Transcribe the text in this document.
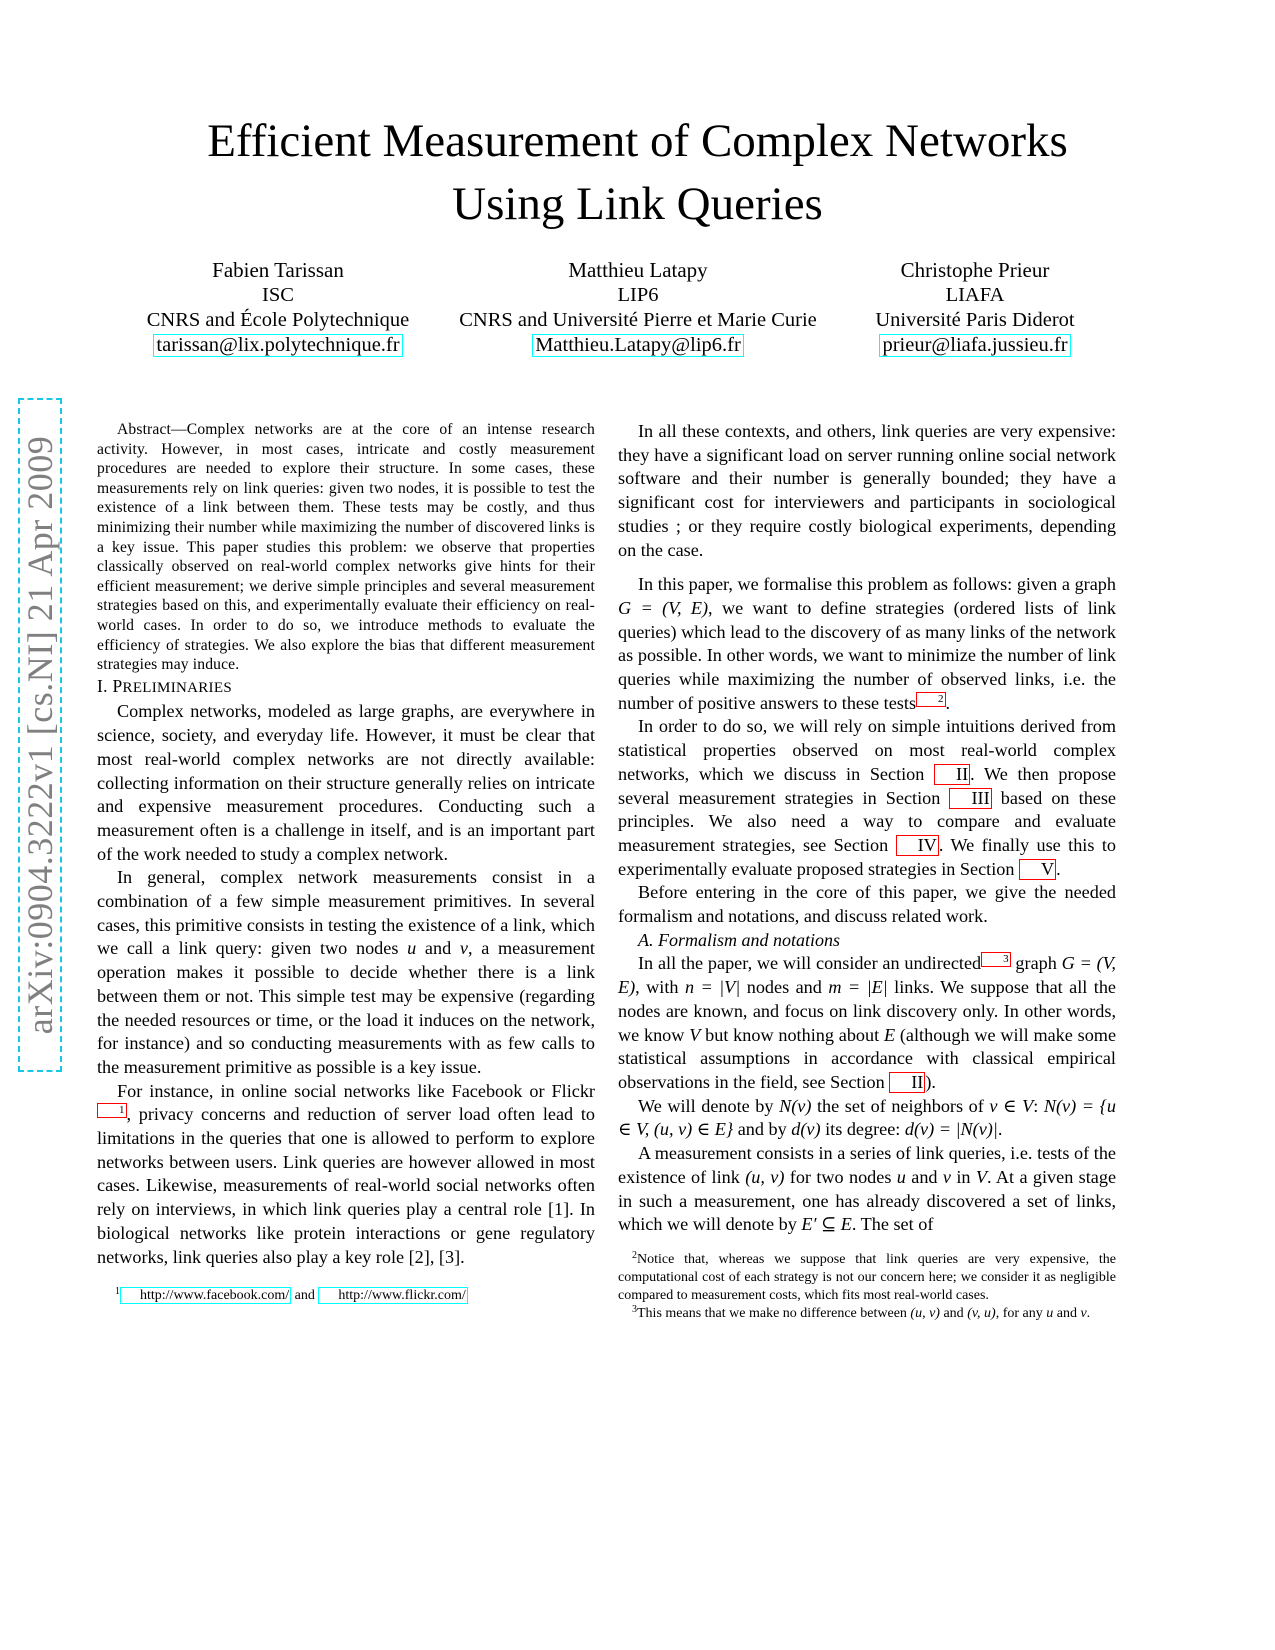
Efficient Measurement of Complex Networks
Using Link Queries
Fabien Tarissan
ISC
CNRS and École Polytechnique
tarissan@lix.polytechnique.fr
Matthieu Latapy
LIP6
CNRS and Université Pierre et Marie Curie
Matthieu.Latapy@lip6.fr
Christophe Prieur
LIAFA
Université Paris Diderot
prieur@liafa.jussieu.fr
arXiv:0904.3222v1 [cs.NI] 21 Apr 2009

Abstract—Complex networks are at the core of an intense research activity. However, in most cases, intricate and costly measurement procedures are needed to explore their structure. In some cases, these measurements rely on link queries: given two nodes, it is possible to test the existence of a link between them. These tests may be costly, and thus minimizing their number while maximizing the number of discovered links is a key issue. This paper studies this problem: we observe that properties classically observed on real-world complex networks give hints for their efficient measurement; we derive simple principles and several measurement strategies based on this, and experimentally evaluate their efficiency on real-world cases. In order to do so, we introduce methods to evaluate the efficiency of strategies. We also explore the bias that different measurement strategies may induce.

I. PRELIMINARIES

Complex networks, modeled as large graphs, are everywhere in science, society, and everyday life. However, it must be clear that most real-world complex networks are not directly available: collecting information on their structure generally relies on intricate and expensive measurement procedures. Conducting such a measurement often is a challenge in itself, and is an important part of the work needed to study a complex network.

In general, complex network measurements consist in a combination of a few simple measurement primitives. In several cases, this primitive consists in testing the existence of a link, which we call a link query: given two nodes u and v, a measurement operation makes it possible to decide whether there is a link between them or not. This simple test may be expensive (regarding the needed resources or time, or the load it induces on the network, for instance) and so conducting measurements with as few calls to the measurement primitive as possible is a key issue.

For instance, in online social networks like Facebook or Flickr1 , privacy concerns and reduction of server load often lead to limitations in the queries that one is allowed to perform to explore networks between users. Link queries are however allowed in most cases. Likewise, measurements of real-world social networks often rely on interviews, in which link queries play a central role [1]. In biological networks like protein interactions or gene regulatory networks, link queries also play a key role [2], [3].

$^1$ http://www.facebook.com/ and http://www.flickr.com/

In all these contexts, and others, link queries are very expensive: they have a significant load on server running online social network software and their number is generally bounded; they have a significant cost for interviewers and participants in sociological studies ; or they require costly biological experiments, depending on the case.

In this paper, we formalise this problem as follows: given a graph G = (V, E), we want to define strategies (ordered lists of link queries) which lead to the discovery of as many links of the network as possible. In other words, we want to minimize the number of link queries while maximizing the number of observed links, i.e. the number of positive answers to these tests 2 .

In order to do so, we will rely on simple intuitions derived from statistical properties observed on most real-world complex networks, which we discuss in Section II . We then propose several measurement strategies in Section III based on these principles. We also need a way to compare and evaluate measurement strategies, see Section IV . We finally use this to experimentally evaluate proposed strategies in Section V .

Before entering in the core of this paper, we give the needed formalism and notations, and discuss related work.

A. Formalism and notations

In all the paper, we will consider an undirected 3 graph G = (V, E), with n = |V| nodes and m = |E| links. We suppose that all the nodes are known, and focus on link discovery only. In other words, we know V but know nothing about E (although we will make some statistical assumptions in accordance with classical empirical observations in the field, see Section II ).

We will denote by N(v) the set of neighbors of v ∈ V: N(v) = {u ∈ V, (u, v) ∈ E} and by d(v) its degree: d(v) = |N(v)|.

A measurement consists in a series of link queries, i.e. tests of the existence of link (u, v) for two nodes u and v in V. At a given stage in such a measurement, one has already discovered a set of links, which we will denote by E′ ⊆ E. The set of

$^2$Notice that, whereas we suppose that link queries are very expensive, the computational cost of each strategy is not our concern here; we consider it as negligible compared to measurement costs, which fits most real-world cases.

$^3$This means that we make no difference between (u, v) and (v, u), for any u and v.
